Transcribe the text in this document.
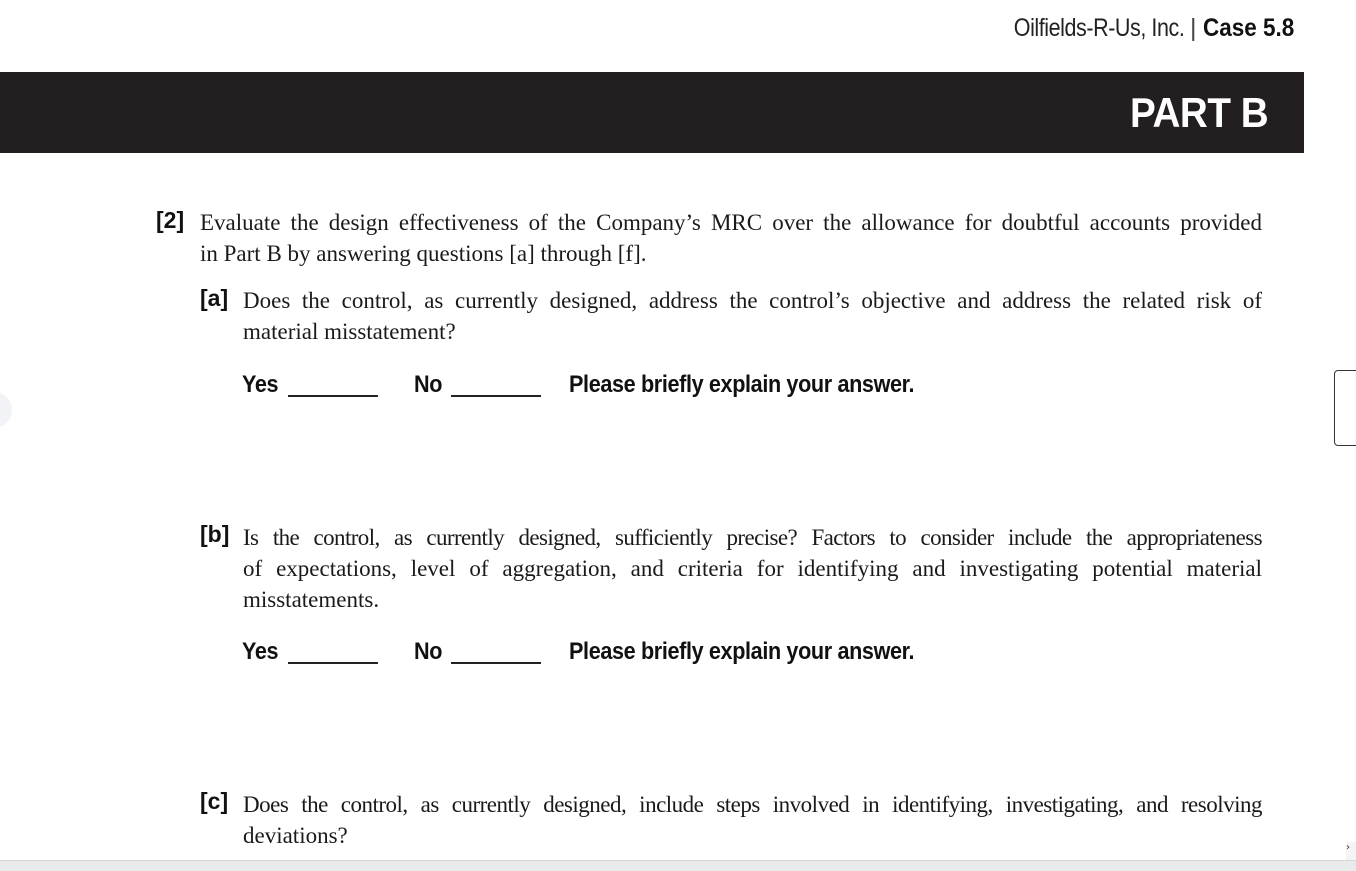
Oilfields-R-Us, Inc. | Case 5.8
PART B
[2] Evaluate the design effectiveness of the Company’s MRC over the allowance for doubtful accounts provided
in Part B by answering questions [a] through [f].
[a] Does the control, as currently designed, address the control’s objective and address the related risk of
material misstatement?
Yes	No	Please briefly explain your answer.
[b] Is the control, as currently designed, sufficiently precise? Factors to consider include the appropriateness
of expectations, level of aggregation, and criteria for identifying and investigating potential material
misstatements.
Yes	No	Please briefly explain your answer.
[c] Does the control, as currently designed, include steps involved in identifying, investigating, and resolving
deviations?	›
